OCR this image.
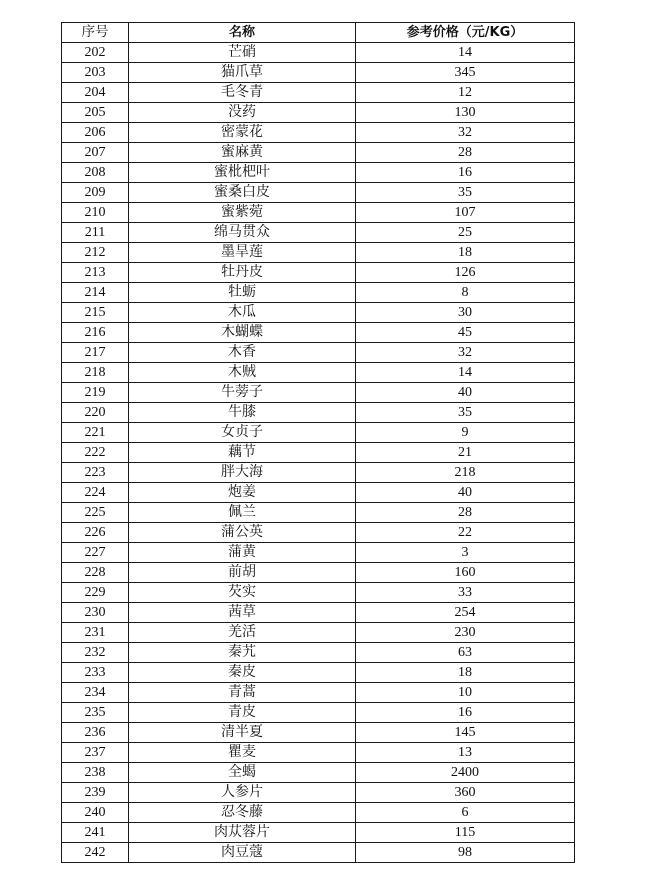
序号	名称	参考价格（元/KG）
202	芒硝	14
203	猫爪草	345
204	毛冬青	12
205	没药	130
206	密蒙花	32
207	蜜麻黄	28
208	蜜枇杷叶	16
209	蜜桑白皮	35
210	蜜紫菀	107
211	绵马贯众	25
212	墨旱莲	18
213	牡丹皮	126
214	牡蛎	8
215	木瓜	30
216	木蝴蝶	45
217	木香	32
218	木贼	14
219	牛蒡子	40
220	牛膝	35
221	女贞子	9
222	藕节	21
223	胖大海	218
224	炮姜	40
225	佩兰	28
226	蒲公英	22
227	蒲黄	3
228	前胡	160
229	芡实	33
230	茜草	254
231	羌活	230
232	秦艽	63
233	秦皮	18
234	青蒿	10
235	青皮	16
236	清半夏	145
237	瞿麦	13
238	全蝎	2400
239	人参片	360
240	忍冬藤	6
241	肉苁蓉片	115
242	肉豆蔻	98
